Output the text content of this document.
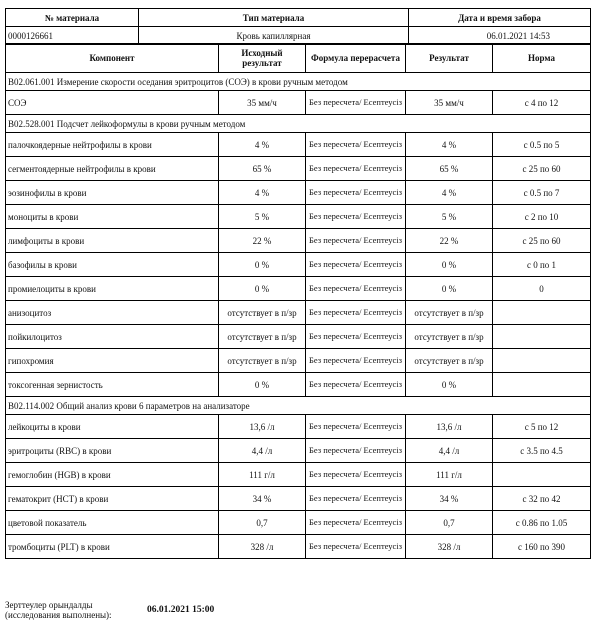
№ материала	Тип материала	Дата и время забора
0000126661	Кровь капиллярная	06.01.2021 14:53
Компонент	Исходный результат	Формула перерасчета	Результат	Норма
B02.061.001 Измерение скорости оседания эритроцитов (СОЭ) в крови ручным методом				
СОЭ	35 мм/ч	Без пересчета/ Есептеусіз	35 мм/ч	с 4 по 12
B02.528.001 Подсчет лейкоформулы в крови ручным методом				
палочкоядерные нейтрофилы в крови	4 %	Без пересчета/ Есептеусіз	4 %	с 0.5 по 5
сегментоядерные нейтрофилы в крови	65 %	Без пересчета/ Есептеусіз	65 %	с 25 по 60
эозинофилы в крови	4 %	Без пересчета/ Есептеусіз	4 %	с 0.5 по 7
моноциты в крови	5 %	Без пересчета/ Есептеусіз	5 %	с 2 по 10
лимфоциты в крови	22 %	Без пересчета/ Есептеусіз	22 %	с 25 по 60
базофилы в крови	0 %	Без пересчета/ Есептеусіз	0 %	с 0 по 1
промиелоциты в крови	0 %	Без пересчета/ Есептеусіз	0 %	0
анизоцитоз	отсутствует в п/зр	Без пересчета/ Есептеусіз	отсутствует в п/зр	
пойкилоцитоз	отсутствует в п/зр	Без пересчета/ Есептеусіз	отсутствует в п/зр	
гипохромия	отсутствует в п/зр	Без пересчета/ Есептеусіз	отсутствует в п/зр	
токсогенная зернистость	0 %	Без пересчета/ Есептеусіз	0 %	
B02.114.002 Общий анализ крови 6 параметров на анализаторе				
лейкоциты в крови	13,6 /л	Без пересчета/ Есептеусіз	13,6 /л	с 5 по 12
эритроциты (RBC) в крови	4,4 /л	Без пересчета/ Есептеусіз	4,4 /л	с 3.5 по 4.5
гемоглобин (HGB) в крови	111 г/л	Без пересчета/ Есептеусіз	111 г/л	
гематокрит (HCT) в крови	34 %	Без пересчета/ Есептеусіз	34 %	с 32 по 42
цветовой показатель	0,7	Без пересчета/ Есептеусіз	0,7	с 0.86 по 1.05
тромбоциты (PLT) в крови	328 /л	Без пересчета/ Есептеусіз	328 /л	с 160 по 390
Зерттеулер орындалды (исследования выполнены):	06.01.2021 15:00
